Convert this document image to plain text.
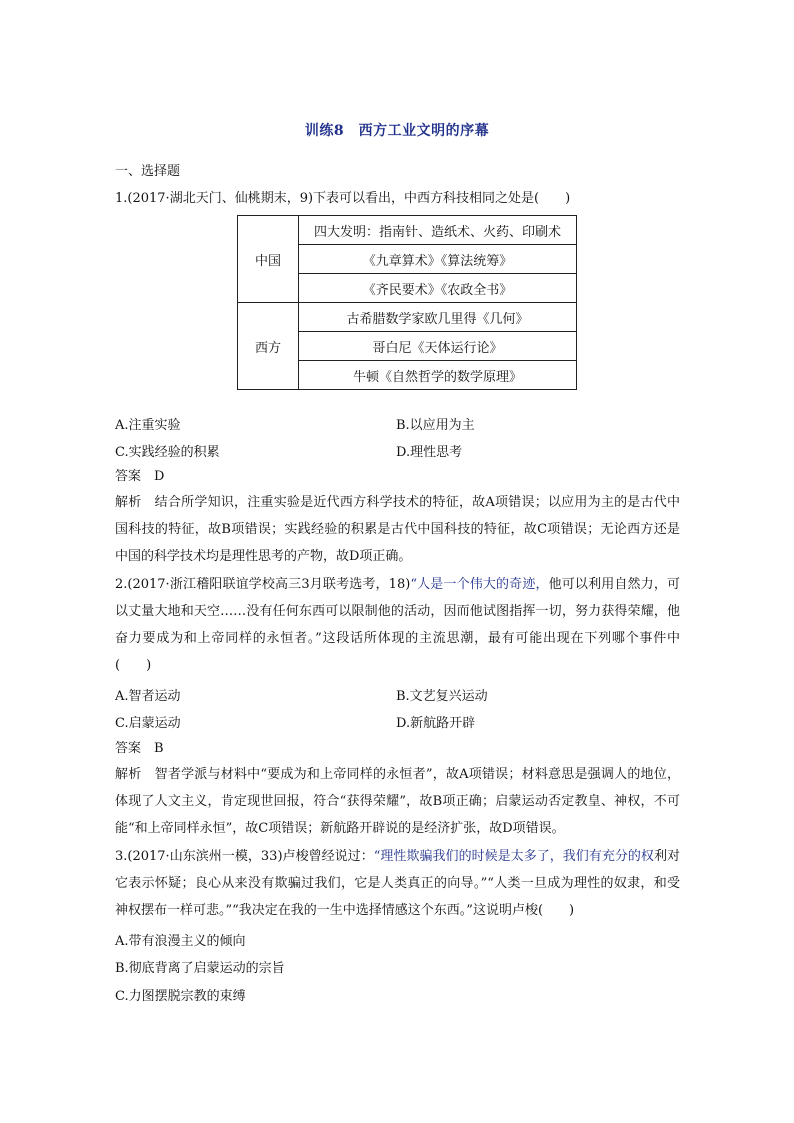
训练8　西方工业文明的序幕
一、选择题
1.(2017·湖北天门、仙桃期末，9)下表可以看出，中西方科技相同之处是(　　)
中国	四大发明：指南针、造纸术、火药、印刷术
	《九章算术》《算法统筹》
	《齐民要术》《农政全书》
西方	古希腊数学家欧几里得《几何》
	哥白尼《天体运行论》
	牛顿《自然哲学的数学原理》
A.注重实验	B.以应用为主
C.实践经验的积累	D.理性思考
答案　D
解析　结合所学知识，注重实验是近代西方科学技术的特征，故A项错误；以应用为主的是古代中国科技的特征，故B项错误；实践经验的积累是古代中国科技的特征，故C项错误；无论西方还是中国的科学技术均是理性思考的产物，故D项正确。
2.(2017·浙江稽阳联谊学校高三3月联考选考，18)“人是一个伟大的奇迹，他可以利用自然力，可以丈量大地和天空……没有任何东西可以限制他的活动，因而他试图指挥一切，努力获得荣耀，他奋力要成为和上帝同样的永恒者。”这段话所体现的主流思潮，最有可能出现在下列哪个事件中(　　)
A.智者运动	B.文艺复兴运动
C.启蒙运动	D.新航路开辟
答案　B
解析　智者学派与材料中“要成为和上帝同样的永恒者”，故A项错误；材料意思是强调人的地位，体现了人文主义，肯定现世回报，符合“获得荣耀”，故B项正确；启蒙运动否定教皇、神权，不可能“和上帝同样永恒”，故C项错误；新航路开辟说的是经济扩张，故D项错误。
3.(2017·山东滨州一模，33)卢梭曾经说过：“理性欺骗我们的时候是太多了，我们有充分的权利对它表示怀疑；良心从来没有欺骗过我们，它是人类真正的向导。”“人类一旦成为理性的奴隶，和受神权摆布一样可悲。”“我决定在我的一生中选择情感这个东西。”这说明卢梭(　　)
A.带有浪漫主义的倾向
B.彻底背离了启蒙运动的宗旨
C.力图摆脱宗教的束缚
